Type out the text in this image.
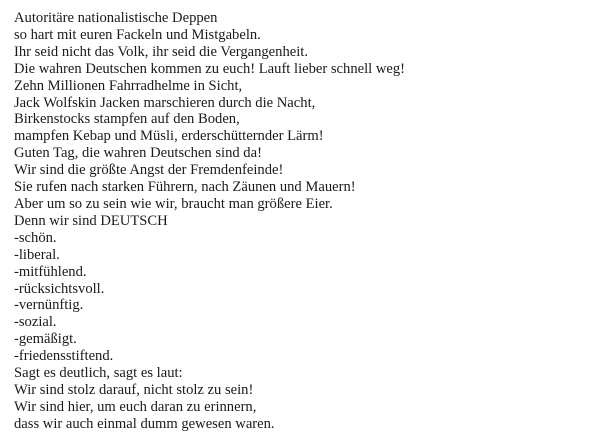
Autoritäre nationalistische Deppen
so hart mit euren Fackeln und Mistgabeln.
Ihr seid nicht das Volk, ihr seid die Vergangenheit.
Die wahren Deutschen kommen zu euch! Lauft lieber schnell weg!
Zehn Millionen Fahrradhelme in Sicht,
Jack Wolfskin Jacken marschieren durch die Nacht,
Birkenstocks stampfen auf den Boden,
mampfen Kebap und Müsli, erderschütternder Lärm!
Guten Tag, die wahren Deutschen sind da!
Wir sind die größte Angst der Fremdenfeinde!
Sie rufen nach starken Führern, nach Zäunen und Mauern!
Aber um so zu sein wie wir, braucht man größere Eier.
Denn wir sind DEUTSCH
-schön.
-liberal.
-mitfühlend.
-rücksichtsvoll.
-vernünftig.
-sozial.
-gemäßigt.
-friedensstiftend.
Sagt es deutlich, sagt es laut:
Wir sind stolz darauf, nicht stolz zu sein!
Wir sind hier, um euch daran zu erinnern,
dass wir auch einmal dumm gewesen waren.
